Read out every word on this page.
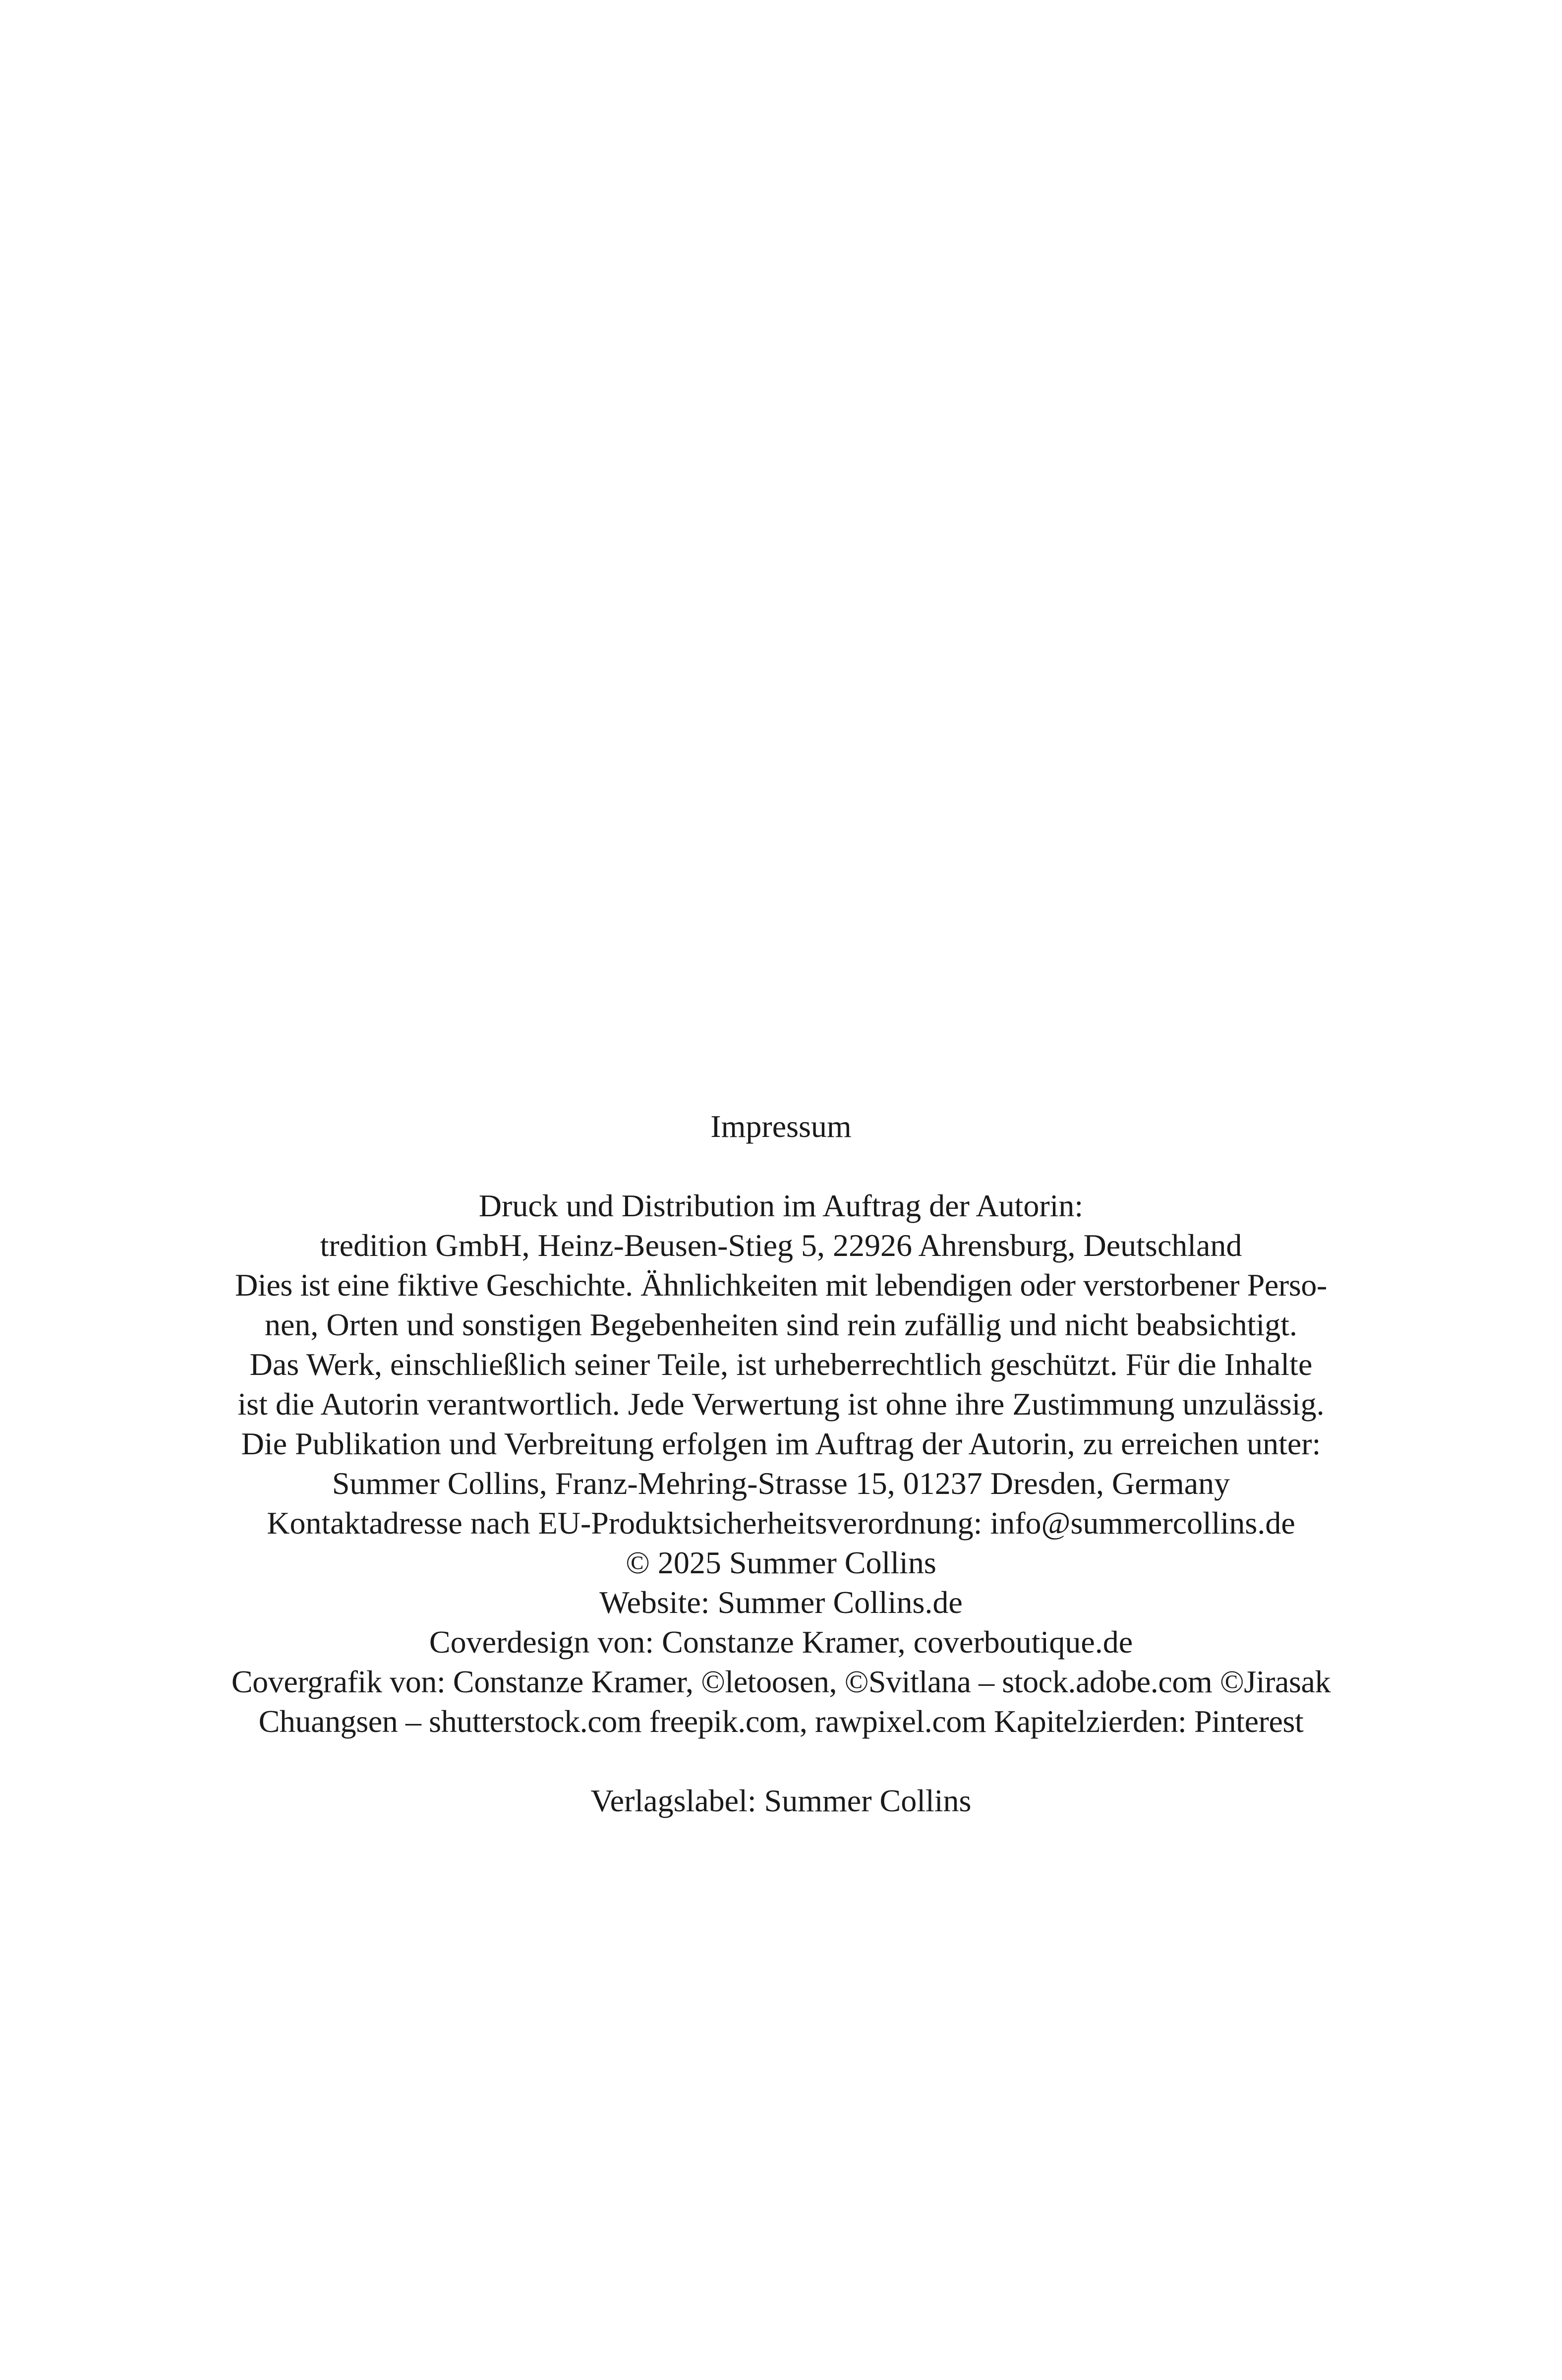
Impressum
Druck und Distribution im Auftrag der Autorin:
tredition GmbH, Heinz-Beusen-Stieg 5, 22926 Ahrensburg, Deutschland
Dies ist eine fiktive Geschichte. Ähnlichkeiten mit lebendigen oder verstorbener Perso-
nen, Orten und sonstigen Begebenheiten sind rein zufällig und nicht beabsichtigt.
Das Werk, einschließlich seiner Teile, ist urheberrechtlich geschützt. Für die Inhalte
ist die Autorin verantwortlich. Jede Verwertung ist ohne ihre Zustimmung unzulässig.
Die Publikation und Verbreitung erfolgen im Auftrag der Autorin, zu erreichen unter:
Summer Collins, Franz-Mehring-Strasse 15, 01237 Dresden, Germany
Kontaktadresse nach EU-Produktsicherheitsverordnung: info@summercollins.de
© 2025 Summer Collins
Website: Summer Collins.de
Coverdesign von: Constanze Kramer, coverboutique.de
Covergrafik von: Constanze Kramer, ©letoosen, ©Svitlana – stock.adobe.com ©Jirasak
Chuangsen – shutterstock.com freepik.com, rawpixel.com Kapitelzierden: Pinterest
Verlagslabel: Summer Collins
